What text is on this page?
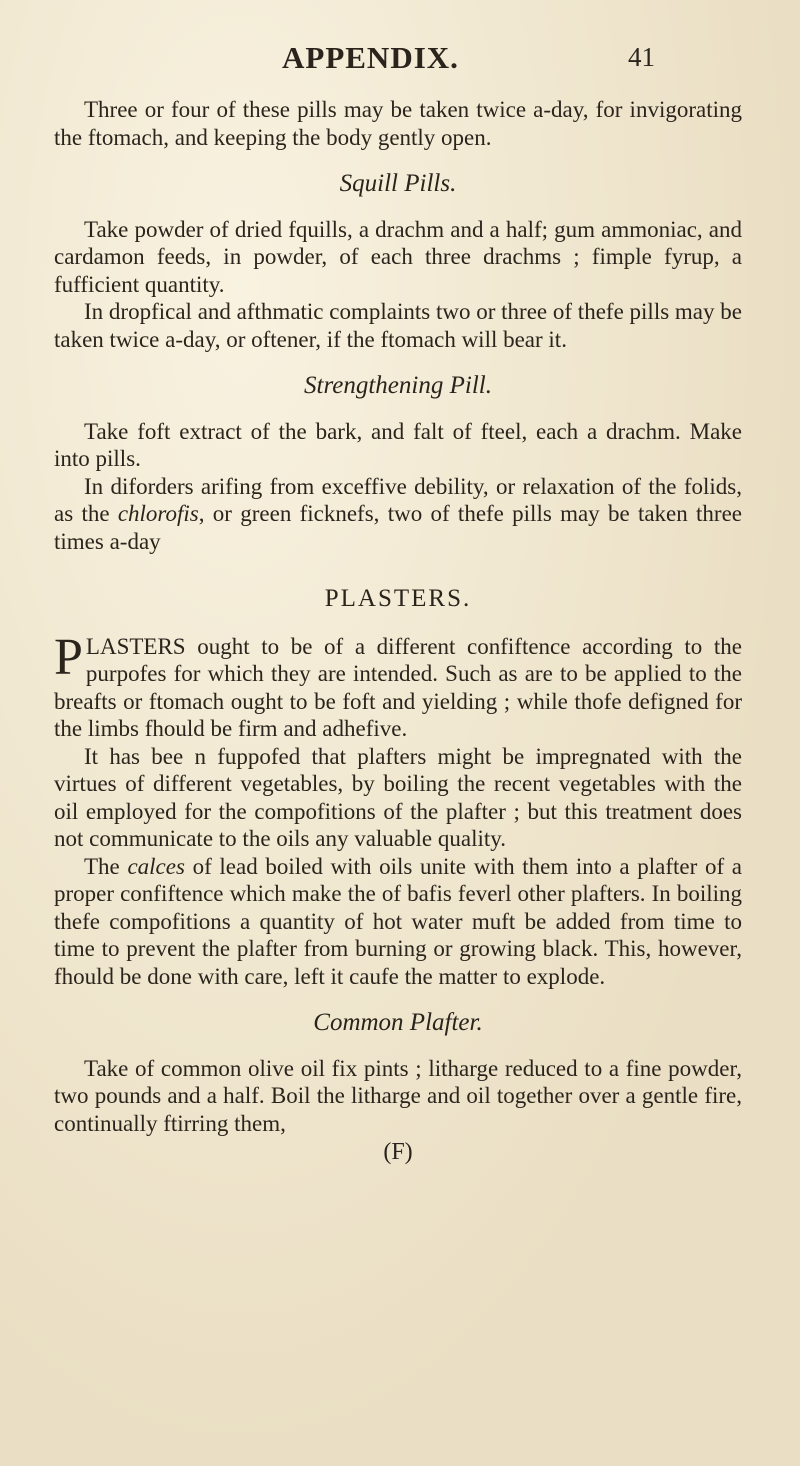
APPENDIX.	41

Three or four of these pills may be taken twice a-day, for invigorating the ftomach, and keeping the body gently open.

Squill Pills.

Take powder of dried fquills, a drachm and a half; gum ammoniac, and cardamon feeds, in powder, of each three drachms ; fimple fyrup, a fufficient quantity.

In dropfical and afthmatic complaints two or three of thefe pills may be taken twice a-day, or oftener, if the ftomach will bear it.

Strengthening Pill.

Take foft extract of the bark, and falt of fteel, each a drachm. Make into pills.

In diforders arifing from exceffive debility, or relaxation of the folids, as the chlorofis, or green ficknefs, two of thefe pills may be taken three times a-day

PLASTERS.

PLASTERS ought to be of a different confiftence according to the purpofes for which they are intended. Such as are to be applied to the breafts or ftomach ought to be foft and yielding ; while thofe defigned for the limbs fhould be firm and adhefive.

It has bee n fuppofed that plafters might be impregnated with the virtues of different vegetables, by boiling the recent vegetables with the oil employed for the compofitions of the plafter ; but this treatment does not communicate to the oils any valuable quality.

The calces of lead boiled with oils unite with them into a plafter of a proper confiftence which make the of bafis feverl other plafters. In boiling thefe compofitions a quantity of hot water muft be added from time to time to prevent the plafter from burning or growing black. This, however, fhould be done with care, left it caufe the matter to explode.

Common Plafter.

Take of common olive oil fix pints ; litharge reduced to a fine powder, two pounds and a half. Boil the litharge and oil together over a gentle fire, continually ftirring them,

(F)
